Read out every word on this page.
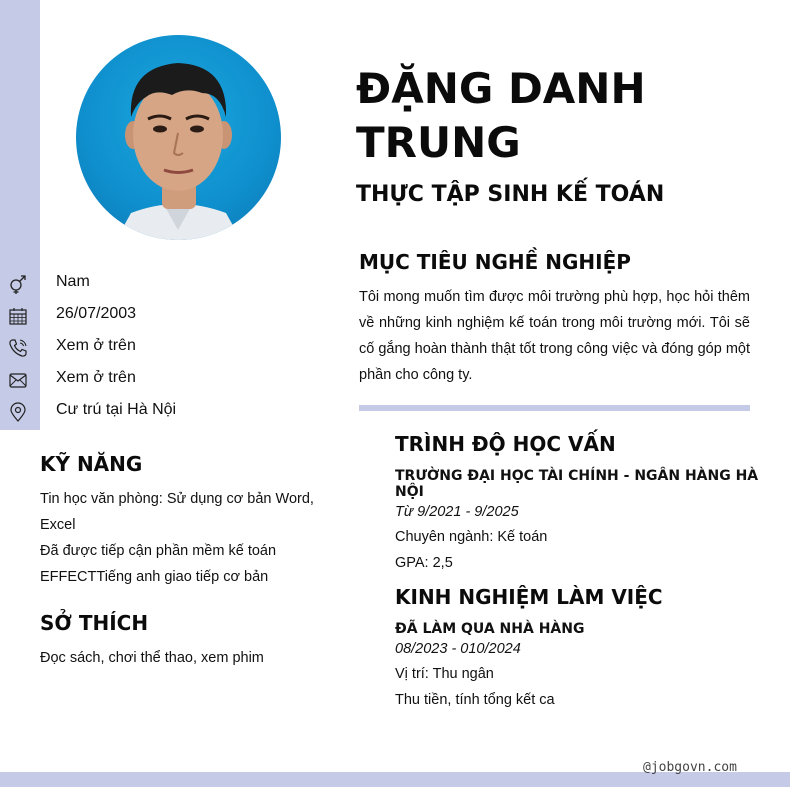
ĐẶNG DANH TRUNG
THỰC TẬP SINH KẾ TOÁN
Nam
26/07/2003
Xem ở trên
Xem ở trên
Cư trú tại Hà Nội
MỤC TIÊU NGHỀ NGHIỆP

Tôi mong muốn tìm được môi trường phù hợp, học hỏi thêm về những kinh nghiệm kế toán trong môi trường mới. Tôi sẽ cố gắng hoàn thành thật tốt trong công việc và đóng góp một phần cho công ty.

KỸ NĂNG
Tin học văn phòng: Sử dụng cơ bản Word, Excel
Đã được tiếp cận phần mềm kế toán
EFFECTTiếng anh giao tiếp cơ bản
SỞ THÍCH
Đọc sách, chơi thể thao, xem phim
TRÌNH ĐỘ HỌC VẤN
TRƯỜNG ĐẠI HỌC TÀI CHÍNH - NGÂN HÀNG HÀ NỘI
Từ 9/2021 - 9/2025
Chuyên ngành: Kế toán
GPA: 2,5
KINH NGHIỆM LÀM VIỆC
ĐÃ LÀM QUA NHÀ HÀNG
08/2023 - 010/2024
Vị trí: Thu ngân
Thu tiền, tính tổng kết ca
@jobgovn.com
